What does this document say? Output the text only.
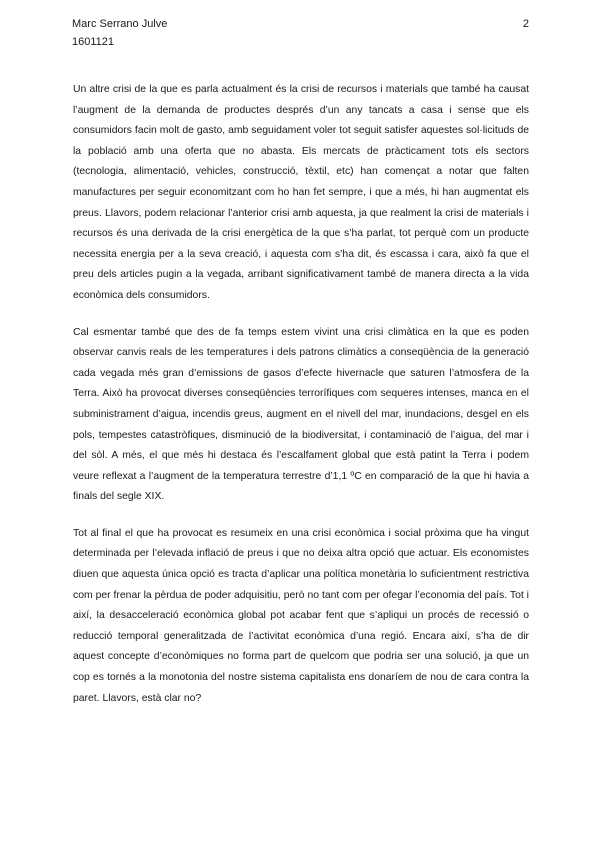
Marc Serrano Julve
1601121
2

Un altre crisi de la que es parla actualment és la crisi de recursos i materials que també ha causat l’augment de la demanda de productes després d’un any tancats a casa i sense que els consumidors facin molt de gasto, amb seguidament voler tot seguit satisfer aquestes sol·licituds de la població amb una oferta que no abasta. Els mercats de pràcticament tots els sectors (tecnologia, alimentació, vehicles, construcció, tèxtil, etc) han començat a notar que falten manufactures per seguir economitzant com ho han fet sempre, i que a més, hi han augmentat els preus. Llavors, podem relacionar l’anterior crisi amb aquesta, ja que realment la crisi de materials i recursos és una derivada de la crisi energètica de la que s’ha parlat, tot perquè com un producte necessita energia per a la seva creació, i aquesta com s’ha dit, és escassa i cara, això fa que el preu dels articles pugin a la vegada, arribant significativament també de manera directa a la vida econòmica dels consumidors.

Cal esmentar també que des de fa temps estem vivint una crisi climàtica en la que es poden observar canvis reals de les temperatures i dels patrons climàtics a conseqüència de la generació cada vegada més gran d’emissions de gasos d’efecte hivernacle que saturen l’atmosfera de la Terra. Això ha provocat diverses conseqüències terrorífiques com sequeres intenses, manca en el subministrament d’aigua, incendis greus, augment en el nivell del mar, inundacions, desgel en els pols, tempestes catastròfiques, disminució de la biodiversitat, i contaminació de l’aigua, del mar i del sòl. A més, el que més hi destaca és l’escalfament global que està patint la Terra i podem veure reflexat a l’augment de la temperatura terrestre d’1,1 ºC en comparació de la que hi havia a finals del segle XIX.

Tot al final el que ha provocat es resumeix en una crisi econòmica i social pròxima que ha vingut determinada per l’elevada inflació de preus i que no deixa altra opció que actuar. Els economistes diuen que aquesta única opció es tracta d’aplicar una política monetària lo suficientment restrictiva com per frenar la pèrdua de poder adquisitiu, però no tant com per ofegar l’economia del país. Tot i així, la desacceleració econòmica global pot acabar fent que s’apliqui un procés de recessió o reducció temporal generalitzada de l’activitat econòmica d’una regió. Encara així, s’ha de dir aquest concepte d’econòmiques no forma part de quelcom que podria ser una solució, ja que un cop es tornés a la monotonia del nostre sistema capitalista ens donaríem de nou de cara contra la paret. Llavors, està clar no?
